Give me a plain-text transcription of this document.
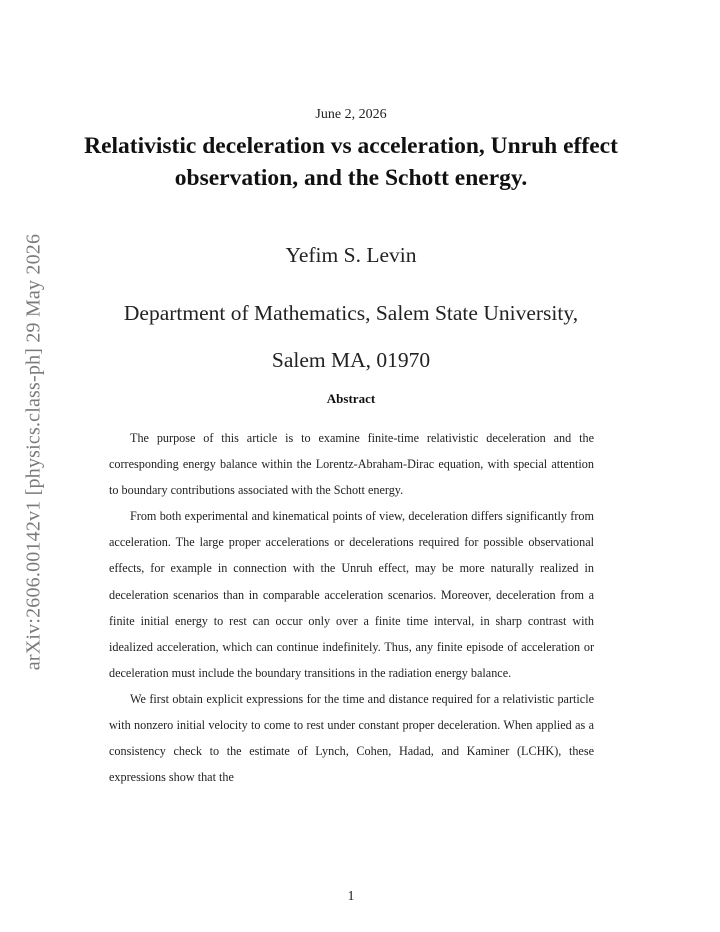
arXiv:2606.00142v1 [physics.class-ph] 29 May 2026
June 2, 2026
Relativistic deceleration vs acceleration, Unruh effect observation, and the Schott energy.
Yefim S. Levin
Department of Mathematics, Salem State University,
Salem MA, 01970
Abstract

The purpose of this article is to examine finite-time relativistic deceleration and the corresponding energy balance within the Lorentz-Abraham-Dirac equation, with special attention to boundary contributions associated with the Schott energy.

From both experimental and kinematical points of view, deceleration differs significantly from acceleration. The large proper accelerations or decelerations required for possible observational effects, for example in connection with the Unruh effect, may be more naturally realized in deceleration scenarios than in comparable acceleration scenarios. Moreover, deceleration from a finite initial energy to rest can occur only over a finite time interval, in sharp contrast with idealized acceleration, which can continue indefinitely. Thus, any finite episode of acceleration or deceleration must include the boundary transitions in the radiation energy balance.

We first obtain explicit expressions for the time and distance required for a relativistic particle with nonzero initial velocity to come to rest under constant proper deceleration. When applied as a consistency check to the estimate of Lynch, Cohen, Hadad, and Kaminer (LCHK), these expressions show that the

1
